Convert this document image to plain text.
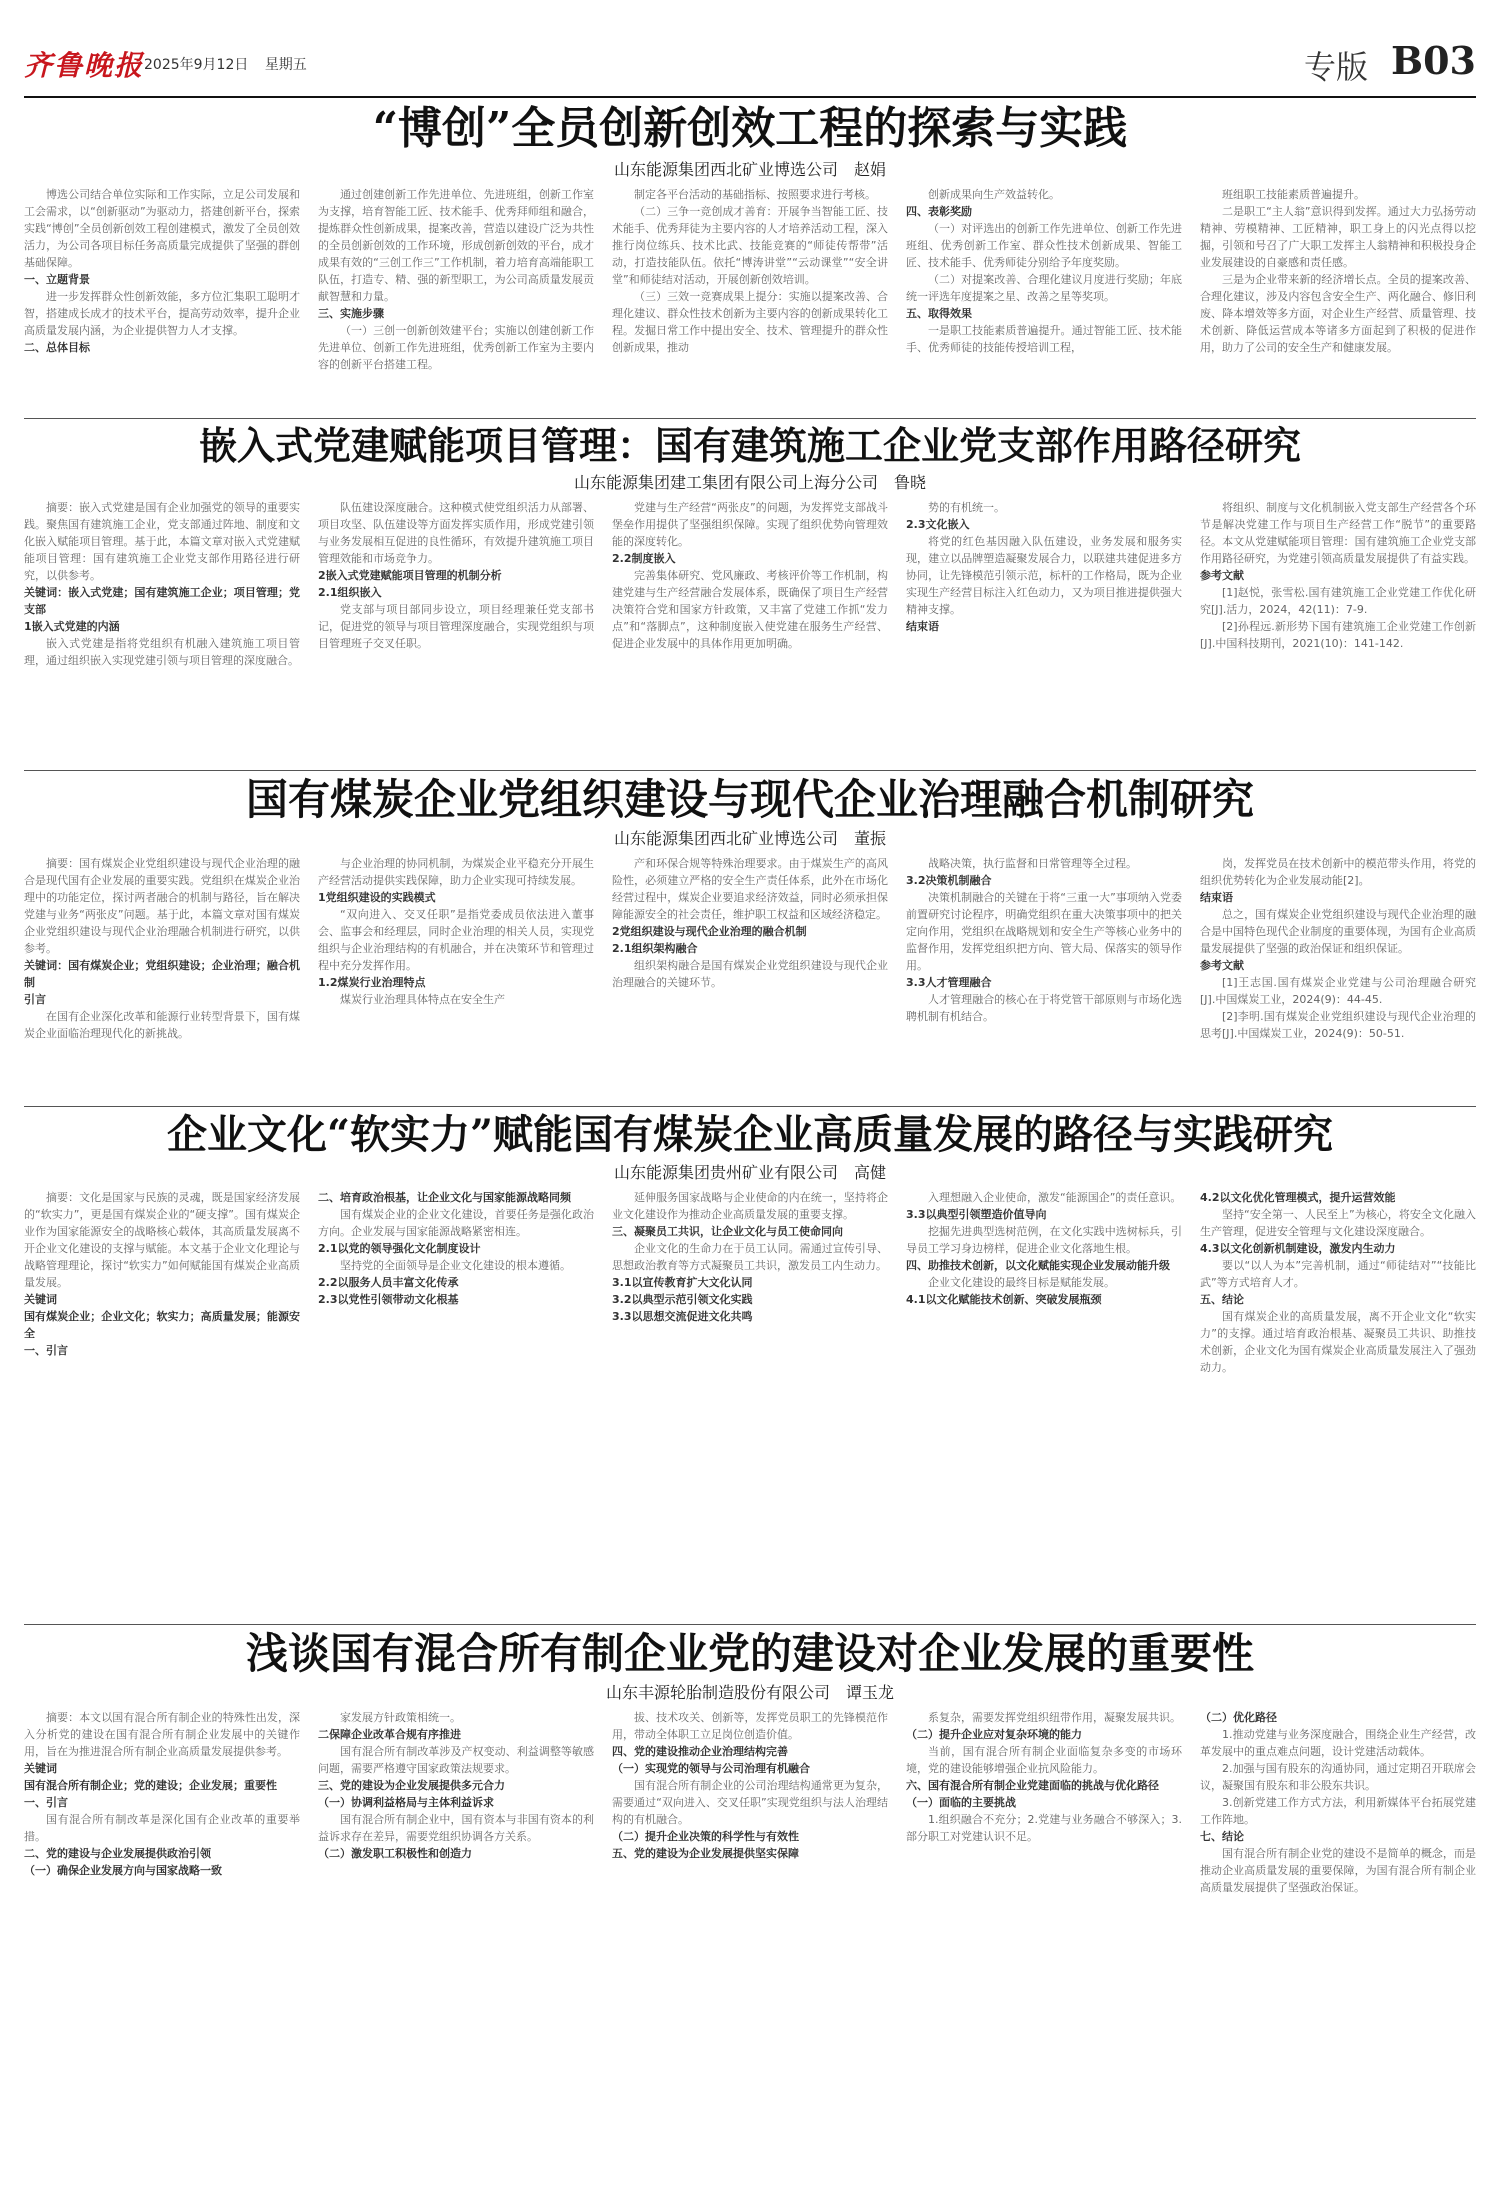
齐鲁晚报 2025年9月12日 星期五	专版 B03
“博创”全员创新创效工程的探索与实践
山东能源集团西北矿业博选公司　赵娟

博选公司结合单位实际和工作实际，立足公司发展和工会需求，以“创新驱动”为驱动力，搭建创新平台，探索实践“博创”全员创新创效工程创建模式，激发了全员创效活力，为公司各项目标任务高质量完成提供了坚强的群创基础保障。

一、立题背景

进一步发挥群众性创新效能，多方位汇集职工聪明才智，搭建成长成才的技术平台，提高劳动效率，提升企业高质量发展内涵，为企业提供智力人才支撑。

二、总体目标

通过创建创新工作先进单位、先进班组，创新工作室为支撑，培育智能工匠、技术能手、优秀拜师组和融合，提炼群众性创新成果，提案改善，营造以建设广泛为共性的全员创新创效的工作环境，形成创新创效的平台，成才成果有效的“三创工作三”工作机制，着力培育高端能职工队伍，打造专、精、强的新型职工，为公司高质量发展贡献智慧和力量。

三、实施步骤

（一）三创一创新创效建平台；实施以创建创新工作先进单位、创新工作先进班组，优秀创新工作室为主要内容的创新平台搭建工程。

制定各平台活动的基础指标、按照要求进行考核。

（二）三争一竞创成才善育：开展争当智能工匠、技术能手、优秀拜徒为主要内容的人才培养活动工程，深入推行岗位练兵、技术比武、技能竞赛的“师徒传帮带”活动，打造技能队伍。依托“博涛讲堂”“云动课堂”“安全讲堂”和师徒结对活动，开展创新创效培训。

（三）三效一竞赛成果上提分：实施以提案改善、合理化建议、群众性技术创新为主要内容的创新成果转化工程。发掘日常工作中提出安全、技术、管理提升的群众性创新成果，推动

创新成果向生产效益转化。

四、表彰奖励

（一）对评选出的创新工作先进单位、创新工作先进班组、优秀创新工作室、群众性技术创新成果、智能工匠、技术能手、优秀师徒分别给予年度奖励。

（二）对提案改善、合理化建议月度进行奖励；年底统一评选年度提案之星、改善之星等奖项。

五、取得效果

一是职工技能素质普遍提升。通过智能工匠、技术能手、优秀师徒的技能传授培训工程，

班组职工技能素质普遍提升。

二是职工“主人翁”意识得到发挥。通过大力弘扬劳动精神、劳模精神、工匠精神，职工身上的闪光点得以挖掘，引领和号召了广大职工发挥主人翁精神和积极投身企业发展建设的自豪感和责任感。

三是为企业带来新的经济增长点。全员的提案改善、合理化建议，涉及内容包含安全生产、两化融合、修旧利废、降本增效等多方面，对企业生产经营、质量管理、技术创新、降低运营成本等诸多方面起到了积极的促进作用，助力了公司的安全生产和健康发展。

嵌入式党建赋能项目管理：国有建筑施工企业党支部作用路径研究
山东能源集团建工集团有限公司上海分公司　鲁晓

摘要：嵌入式党建是国有企业加强党的领导的重要实践。聚焦国有建筑施工企业，党支部通过阵地、制度和文化嵌入赋能项目管理。基于此，本篇文章对嵌入式党建赋能项目管理：国有建筑施工企业党支部作用路径进行研究，以供参考。

关键词：嵌入式党建；国有建筑施工企业；项目管理；党支部

1嵌入式党建的内涵

嵌入式党建是指将党组织有机融入建筑施工项目管理，通过组织嵌入实现党建引领与项目管理的深度融合。

队伍建设深度融合。这种模式使党组织活力从部署、项目攻坚、队伍建设等方面发挥实质作用，形成党建引领与业务发展相互促进的良性循环，有效提升建筑施工项目管理效能和市场竞争力。

2嵌入式党建赋能项目管理的机制分析

2.1组织嵌入

党支部与项目部同步设立，项目经理兼任党支部书记，促进党的领导与项目管理深度融合，实现党组织与项目管理班子交叉任职。

党建与生产经营“两张皮”的问题，为发挥党支部战斗堡垒作用提供了坚强组织保障。实现了组织优势向管理效能的深度转化。

2.2制度嵌入

完善集体研究、党风廉政、考核评价等工作机制，构建党建与生产经营融合发展体系，既确保了项目生产经营决策符合党和国家方针政策，又丰富了党建工作抓“发力点”和“落脚点”，这种制度嵌入使党建在服务生产经营、促进企业发展中的具体作用更加明确。

势的有机统一。

2.3文化嵌入

将党的红色基因融入队伍建设，业务发展和服务实现，建立以品牌塑造凝聚发展合力，以联建共建促进多方协同，让先锋模范引领示范，标杆的工作格局，既为企业实现生产经营目标注入红色动力，又为项目推进提供强大精神支撑。

结束语

将组织、制度与文化机制嵌入党支部生产经营各个环节是解决党建工作与项目生产经营工作“脱节”的重要路径。本文从党建赋能项目管理：国有建筑施工企业党支部作用路径研究，为党建引领高质量发展提供了有益实践。

参考文献

[1]赵悦，张雪松.国有建筑施工企业党建工作优化研究[J].活力，2024，42(11)：7-9.

[2]孙程远.新形势下国有建筑施工企业党建工作创新[J].中国科技期刊，2021(10)：141-142.

国有煤炭企业党组织建设与现代企业治理融合机制研究
山东能源集团西北矿业博选公司　董振

摘要：国有煤炭企业党组织建设与现代企业治理的融合是现代国有企业发展的重要实践。党组织在煤炭企业治理中的功能定位，探讨两者融合的机制与路径，旨在解决党建与业务“两张皮”问题。基于此，本篇文章对国有煤炭企业党组织建设与现代企业治理融合机制进行研究，以供参考。

关键词：国有煤炭企业；党组织建设；企业治理；融合机制

引言

在国有企业深化改革和能源行业转型背景下，国有煤炭企业面临治理现代化的新挑战。

与企业治理的协同机制，为煤炭企业平稳充分开展生产经营活动提供实践保障，助力企业实现可持续发展。

1党组织建设的实践模式

“双向进入、交叉任职”是指党委成员依法进入董事会、监事会和经理层，同时企业治理的相关人员，实现党组织与企业治理结构的有机融合，并在决策环节和管理过程中充分发挥作用。

1.2煤炭行业治理特点

煤炭行业治理具体特点在安全生产

产和环保合规等特殊治理要求。由于煤炭生产的高风险性，必须建立严格的安全生产责任体系，此外在市场化经营过程中，煤炭企业要追求经济效益，同时必须承担保障能源安全的社会责任，维护职工权益和区域经济稳定。

2党组织建设与现代企业治理的融合机制

2.1组织架构融合

组织架构融合是国有煤炭企业党组织建设与现代企业治理融合的关键环节。

战略决策，执行监督和日常管理等全过程。

3.2决策机制融合

决策机制融合的关键在于将“三重一大”事项纳入党委前置研究讨论程序，明确党组织在重大决策事项中的把关定向作用，党组织在战略规划和安全生产等核心业务中的监督作用，发挥党组织把方向、管大局、保落实的领导作用。

3.3人才管理融合

人才管理融合的核心在于将党管干部原则与市场化选聘机制有机结合。

岗，发挥党员在技术创新中的模范带头作用，将党的组织优势转化为企业发展动能[2]。

结束语

总之，国有煤炭企业党组织建设与现代企业治理的融合是中国特色现代企业制度的重要体现，为国有企业高质量发展提供了坚强的政治保证和组织保证。

参考文献

[1]王志国.国有煤炭企业党建与公司治理融合研究[J].中国煤炭工业，2024(9)：44-45.

[2]李明.国有煤炭企业党组织建设与现代企业治理的思考[J].中国煤炭工业，2024(9)：50-51.

企业文化“软实力”赋能国有煤炭企业高质量发展的路径与实践研究
山东能源集团贵州矿业有限公司　高健

摘要：文化是国家与民族的灵魂，既是国家经济发展的“软实力”，更是国有煤炭企业的“硬支撑”。国有煤炭企业作为国家能源安全的战略核心载体，其高质量发展离不开企业文化建设的支撑与赋能。本文基于企业文化理论与战略管理理论，探讨“软实力”如何赋能国有煤炭企业高质量发展。

关键词

国有煤炭企业；企业文化；软实力；高质量发展；能源安全

一、引言

二、培育政治根基，让企业文化与国家能源战略同频

国有煤炭企业的企业文化建设，首要任务是强化政治方向。企业发展与国家能源战略紧密相连。

2.1以党的领导强化文化制度设计

坚持党的全面领导是企业文化建设的根本遵循。

2.2以服务人员丰富文化传承

2.3以党性引领带动文化根基

延伸服务国家战略与企业使命的内在统一，坚持将企业文化建设作为推动企业高质量发展的重要支撑。

三、凝聚员工共识，让企业文化与员工使命同向

企业文化的生命力在于员工认同。需通过宣传引导、思想政治教育等方式凝聚员工共识，激发员工内生动力。

3.1以宣传教育扩大文化认同

3.2以典型示范引领文化实践

3.3以思想交流促进文化共鸣

入理想融入企业使命，激发“能源国企”的责任意识。

3.3以典型引领塑造价值导向

挖掘先进典型选树范例，在文化实践中选树标兵，引导员工学习身边榜样，促进企业文化落地生根。

四、助推技术创新，以文化赋能实现企业发展动能升级

企业文化建设的最终目标是赋能发展。

4.1以文化赋能技术创新、突破发展瓶颈

4.2以文化优化管理模式，提升运营效能

坚持“安全第一、人民至上”为核心，将安全文化融入生产管理，促进安全管理与文化建设深度融合。

4.3以文化创新机制建设，激发内生动力

要以“以人为本”完善机制，通过“师徒结对”“技能比武”等方式培育人才。

五、结论

国有煤炭企业的高质量发展，离不开企业文化“软实力”的支撑。通过培育政治根基、凝聚员工共识、助推技术创新，企业文化为国有煤炭企业高质量发展注入了强劲动力。

浅谈国有混合所有制企业党的建设对企业发展的重要性
山东丰源轮胎制造股份有限公司　谭玉龙

摘要：本文以国有混合所有制企业的特殊性出发，深入分析党的建设在国有混合所有制企业发展中的关键作用，旨在为推进混合所有制企业高质量发展提供参考。

关键词

国有混合所有制企业；党的建设；企业发展；重要性

一、引言

国有混合所有制改革是深化国有企业改革的重要举措。

二、党的建设与企业发展提供政治引领

（一）确保企业发展方向与国家战略一致

家发展方针政策相统一。

二保障企业改革合规有序推进

国有混合所有制改革涉及产权变动、利益调整等敏感问题，需要严格遵守国家政策法规要求。

三、党的建设为企业发展提供多元合力

（一）协调利益格局与主体利益诉求

国有混合所有制企业中，国有资本与非国有资本的利益诉求存在差异，需要党组织协调各方关系。

（二）激发职工积极性和创造力

拔、技术攻关、创新等，发挥党员职工的先锋模范作用，带动全体职工立足岗位创造价值。

四、党的建设推动企业治理结构完善

（一）实现党的领导与公司治理有机融合

国有混合所有制企业的公司治理结构通常更为复杂，需要通过“双向进入、交叉任职”实现党组织与法人治理结构的有机融合。

（二）提升企业决策的科学性与有效性

五、党的建设为企业发展提供坚实保障

系复杂，需要发挥党组织纽带作用，凝聚发展共识。

（二）提升企业应对复杂环境的能力

当前，国有混合所有制企业面临复杂多变的市场环境，党的建设能够增强企业抗风险能力。

六、国有混合所有制企业党建面临的挑战与优化路径

（一）面临的主要挑战

1.组织融合不充分；2.党建与业务融合不够深入；3.部分职工对党建认识不足。

（二）优化路径

1.推动党建与业务深度融合，围绕企业生产经营，改革发展中的重点难点问题，设计党建活动载体。

2.加强与国有股东的沟通协同，通过定期召开联席会议，凝聚国有股东和非公股东共识。

3.创新党建工作方式方法，利用新媒体平台拓展党建工作阵地。

七、结论

国有混合所有制企业党的建设不是简单的概念，而是推动企业高质量发展的重要保障，为国有混合所有制企业高质量发展提供了坚强政治保证。
